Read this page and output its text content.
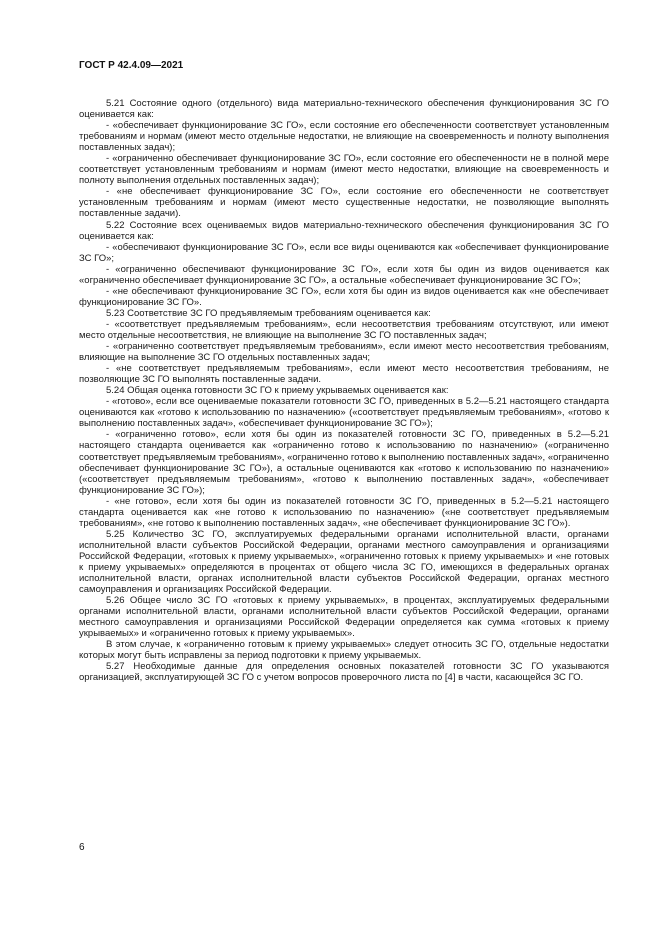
ГОСТ Р 42.4.09—2021

5.21 Состояние одного (отдельного) вида материально-технического обеспечения функционирования ЗС ГО оценивается как:

- «обеспечивает функционирование ЗС ГО», если состояние его обеспеченности соответствует установленным требованиям и нормам (имеют место отдельные недостатки, не влияющие на своевременность и полноту выполнения поставленных задач);

- «ограниченно обеспечивает функционирование ЗС ГО», если состояние его обеспеченности не в полной мере соответствует установленным требованиям и нормам (имеют место недостатки, влияющие на своевременность и полноту выполнения отдельных поставленных задач);

- «не обеспечивает функционирование ЗС ГО», если состояние его обеспеченности не соответствует установленным требованиям и нормам (имеют место существенные недостатки, не позволяющие выполнять поставленные задачи).

5.22 Состояние всех оцениваемых видов материально-технического обеспечения функционирования ЗС ГО оценивается как:

- «обеспечивают функционирование ЗС ГО», если все виды оцениваются как «обеспечивает функционирование ЗС ГО»;

- «ограниченно обеспечивают функционирование ЗС ГО», если хотя бы один из видов оценивается как «ограниченно обеспечивает функционирование ЗС ГО», а остальные «обеспечивает функционирование ЗС ГО»;

- «не обеспечивают функционирование ЗС ГО», если хотя бы один из видов оценивается как «не обеспечивает функционирование ЗС ГО».

5.23 Соответствие ЗС ГО предъявляемым требованиям оценивается как:

- «соответствует предъявляемым требованиям», если несоответствия требованиям отсутствуют, или имеют место отдельные несоответствия, не влияющие на выполнение ЗС ГО поставленных задач;

- «ограниченно соответствует предъявляемым требованиям», если имеют место несоответствия требованиям, влияющие на выполнение ЗС ГО отдельных поставленных задач;

- «не соответствует предъявляемым требованиям», если имеют место несоответствия требованиям, не позволяющие ЗС ГО выполнять поставленные задачи.

5.24 Общая оценка готовности ЗС ГО к приему укрываемых оценивается как:

- «готово», если все оцениваемые показатели готовности ЗС ГО, приведенных в 5.2—5.21 настоящего стандарта оцениваются как «готово к использованию по назначению» («соответствует предъявляемым требованиям», «готово к выполнению поставленных задач», «обеспечивает функционирование ЗС ГО»);

- «ограниченно готово», если хотя бы один из показателей готовности ЗС ГО, приведенных в 5.2—5.21 настоящего стандарта оценивается как «ограниченно готово к использованию по назначению» («ограниченно соответствует предъявляемым требованиям», «ограниченно готово к выполнению поставленных задач», «ограниченно обеспечивает функционирование ЗС ГО»), а остальные оцениваются как «готово к использованию по назначению» («соответствует предъявляемым требованиям», «готово к выполнению поставленных задач», «обеспечивает функционирование ЗС ГО»);

- «не готово», если хотя бы один из показателей готовности ЗС ГО, приведенных в 5.2—5.21 настоящего стандарта оценивается как «не готово к использованию по назначению» («не соответствует предъявляемым требованиям», «не готово к выполнению поставленных задач», «не обеспечивает функционирование ЗС ГО»).

5.25 Количество ЗС ГО, эксплуатируемых федеральными органами исполнительной власти, органами исполнительной власти субъектов Российской Федерации, органами местного самоуправления и организациями Российской Федерации, «готовых к приему укрываемых», «ограниченно готовых к приему укрываемых» и «не готовых к приему укрываемых» определяются в процентах от общего числа ЗС ГО, имеющихся в федеральных органах исполнительной власти, органах исполнительной власти субъектов Российской Федерации, органах местного самоуправления и организациях Российской Федерации.

5.26 Общее число ЗС ГО «готовых к приему укрываемых», в процентах, эксплуатируемых федеральными органами исполнительной власти, органами исполнительной власти субъектов Российской Федерации, органами местного самоуправления и организациями Российской Федерации определяется как сумма «готовых к приему укрываемых» и «ограниченно готовых к приему укрываемых».

В этом случае, к «ограниченно готовым к приему укрываемых» следует относить ЗС ГО, отдельные недостатки которых могут быть исправлены за период подготовки к приему укрываемых.

5.27 Необходимые данные для определения основных показателей готовности ЗС ГО указываются организацией, эксплуатирующей ЗС ГО с учетом вопросов проверочного листа по [4] в части, касающейся ЗС ГО.

6
